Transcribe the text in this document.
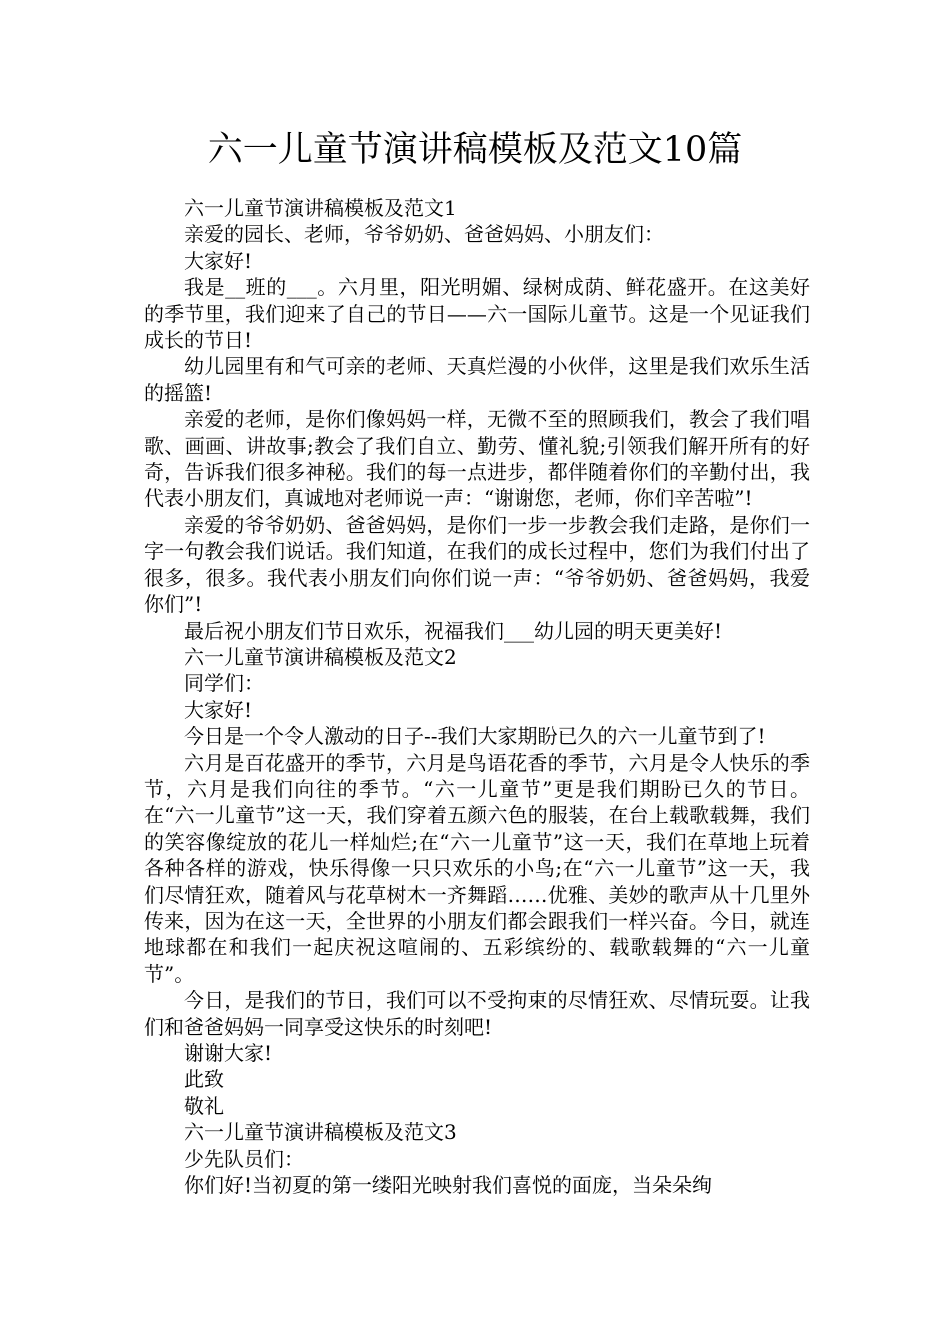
六一儿童节演讲稿模板及范文10篇

六一儿童节演讲稿模板及范文1

亲爱的园长、老师，爷爷奶奶、爸爸妈妈、小朋友们：

大家好!

我是__班的___。六月里，阳光明媚、绿树成荫、鲜花盛开。在这美好的季节里，我们迎来了自己的节日——六一国际儿童节。这是一个见证我们成长的节日!

幼儿园里有和气可亲的老师、天真烂漫的小伙伴，这里是我们欢乐生活的摇篮!

亲爱的老师，是你们像妈妈一样，无微不至的照顾我们，教会了我们唱歌、画画、讲故事;教会了我们自立、勤劳、懂礼貌;引领我们解开所有的好奇，告诉我们很多神秘。我们的每一点进步，都伴随着你们的辛勤付出，我代表小朋友们，真诚地对老师说一声：“谢谢您，老师，你们辛苦啦”!

亲爱的爷爷奶奶、爸爸妈妈，是你们一步一步教会我们走路，是你们一字一句教会我们说话。我们知道，在我们的成长过程中，您们为我们付出了很多，很多。我代表小朋友们向你们说一声：“爷爷奶奶、爸爸妈妈，我爱你们”!

最后祝小朋友们节日欢乐，祝福我们___幼儿园的明天更美好!

六一儿童节演讲稿模板及范文2

同学们：

大家好!

今日是一个令人激动的日子--我们大家期盼已久的六一儿童节到了!

六月是百花盛开的季节，六月是鸟语花香的季节，六月是令人快乐的季节，六月是我们向往的季节。“六一儿童节”更是我们期盼已久的节日。在“六一儿童节”这一天，我们穿着五颜六色的服装，在台上载歌载舞，我们的笑容像绽放的花儿一样灿烂;在“六一儿童节”这一天，我们在草地上玩着各种各样的游戏，快乐得像一只只欢乐的小鸟;在“六一儿童节”这一天，我们尽情狂欢，随着风与花草树木一齐舞蹈……优雅、美妙的歌声从十几里外传来，因为在这一天，全世界的小朋友们都会跟我们一样兴奋。今日，就连地球都在和我们一起庆祝这喧闹的、五彩缤纷的、载歌载舞的“六一儿童节”。

今日，是我们的节日，我们可以不受拘束的尽情狂欢、尽情玩耍。让我们和爸爸妈妈一同享受这快乐的时刻吧!

谢谢大家!

此致

敬礼

六一儿童节演讲稿模板及范文3

少先队员们：

你们好!当初夏的第一缕阳光映射我们喜悦的面庞，当朵朵绚
